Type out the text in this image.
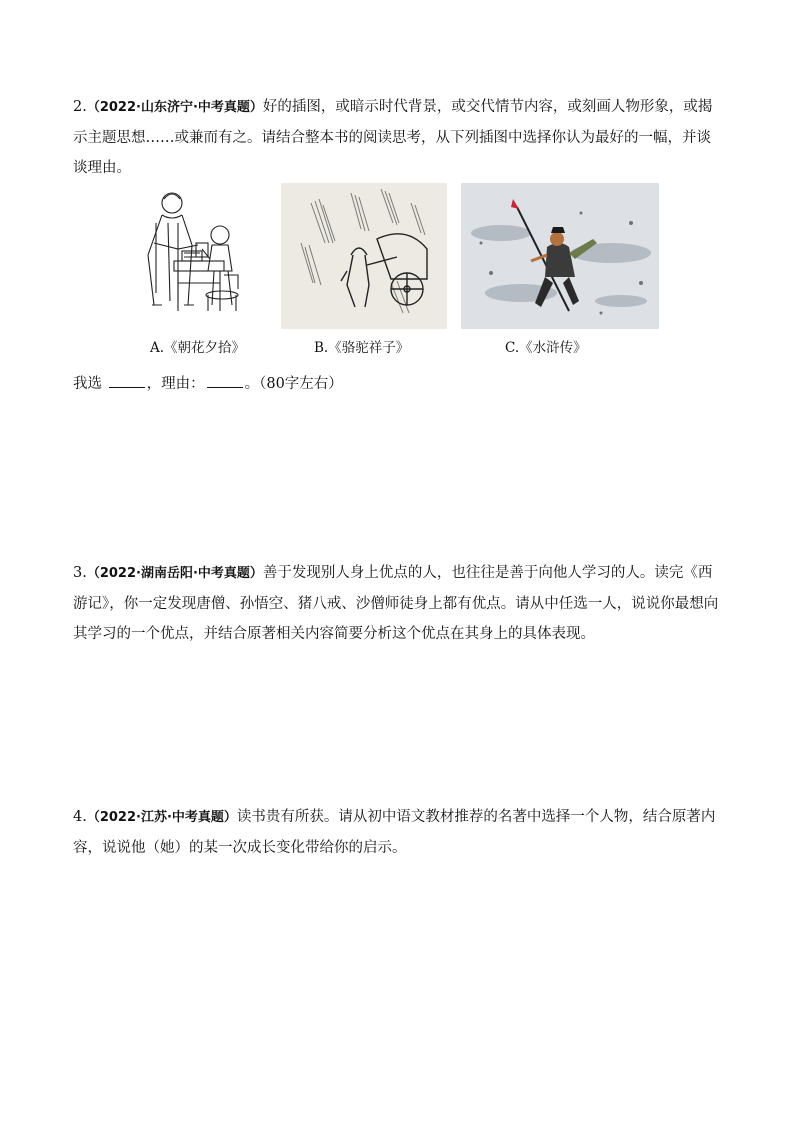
2.（2022·山东济宁·中考真题）好的插图，或暗示时代背景，或交代情节内容，或刻画人物形象，或揭示主题思想……或兼而有之。请结合整本书的阅读思考，从下列插图中选择你认为最好的一幅，并谈谈理由。
A.《朝花夕拾》	B.《骆驼祥子》	C.《水浒传》
我选	，理由：	。（80字左右）
3.（2022·湖南岳阳·中考真题）善于发现别人身上优点的人，也往往是善于向他人学习的人。读完《西游记》，你一定发现唐僧、孙悟空、猪八戒、沙僧师徒身上都有优点。请从中任选一人，说说你最想向其学习的一个优点，并结合原著相关内容简要分析这个优点在其身上的具体表现。
4.（2022·江苏·中考真题）读书贵有所获。请从初中语文教材推荐的名著中选择一个人物，结合原著内容，说说他（她）的某一次成长变化带给你的启示。
